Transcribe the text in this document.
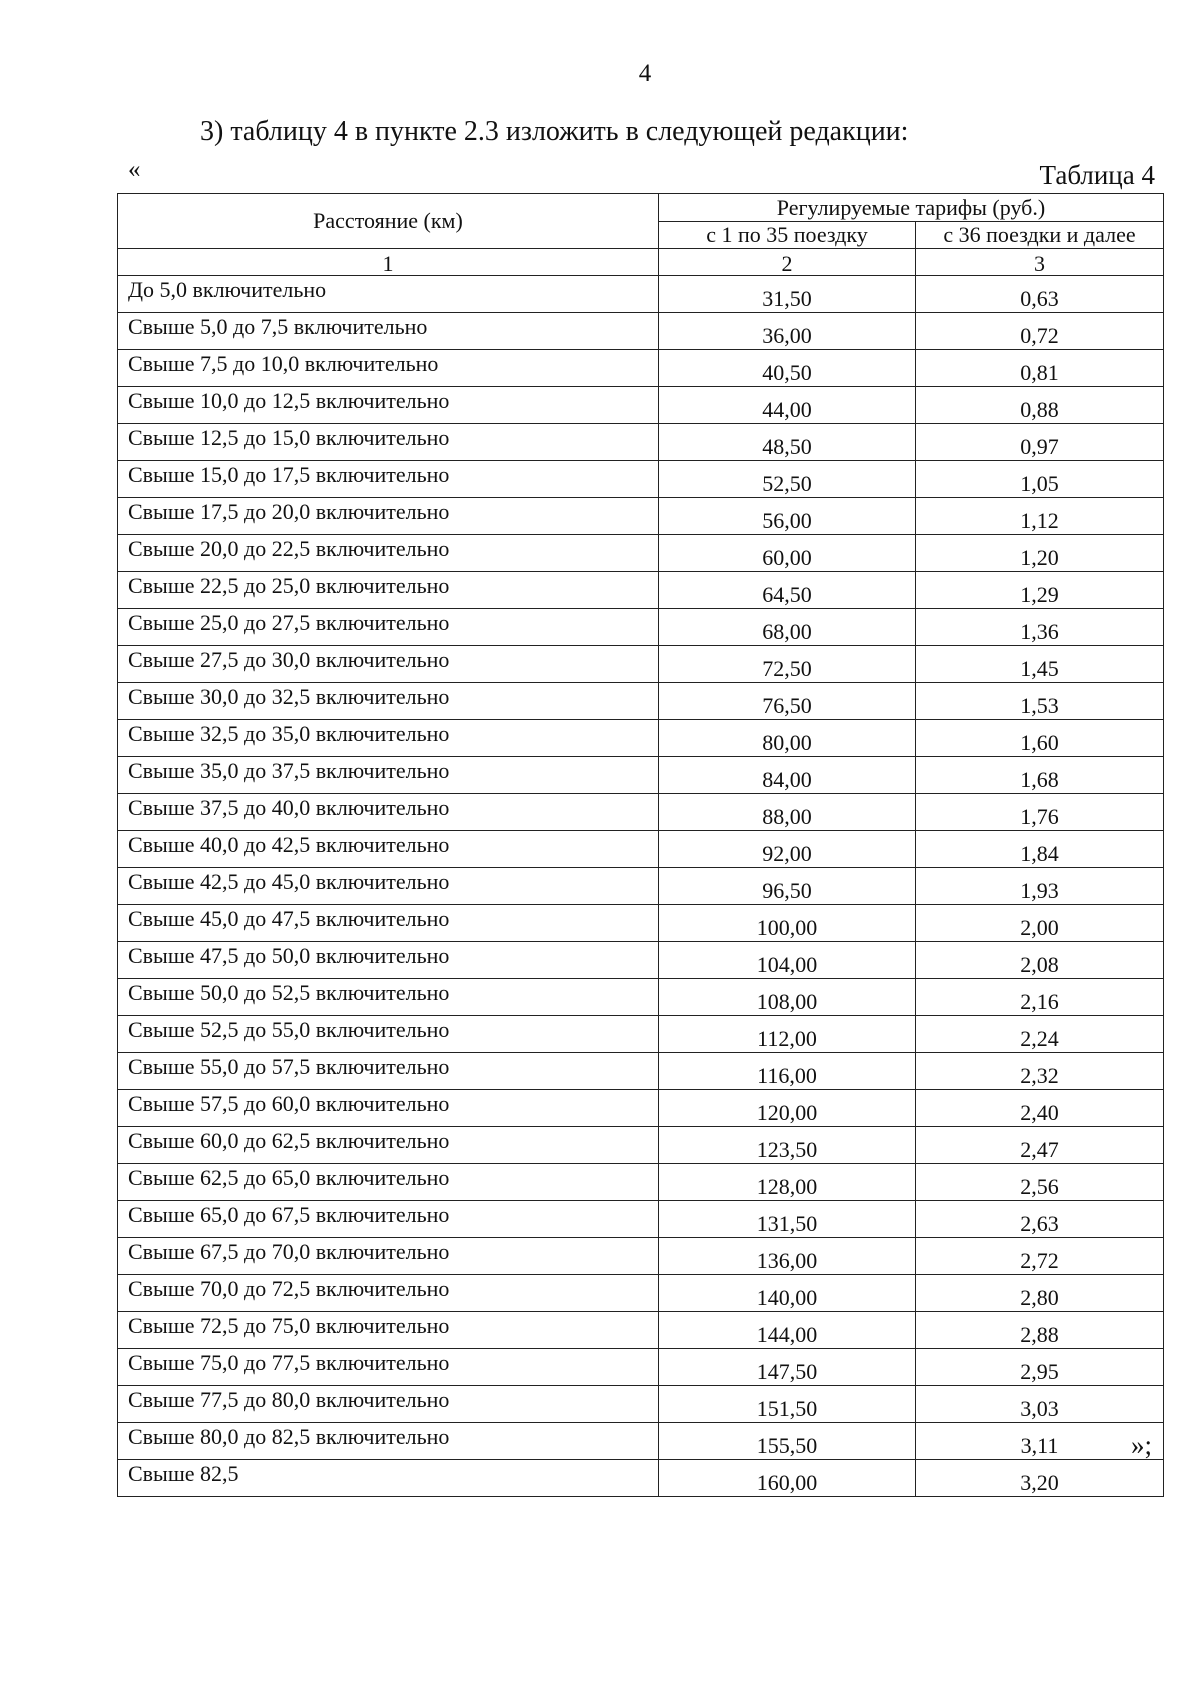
4
3) таблицу 4 в пункте 2.3 изложить в следующей редакции:
«	Таблица 4
Расстояние (км)	Регулируемые тарифы (руб.)	
	с 1 по 35 поездку	с 36 поездки и далее
1	2	3
До 5,0 включительно	31,50	0,63
Свыше 5,0 до 7,5 включительно	36,00	0,72
Свыше 7,5 до 10,0 включительно	40,50	0,81
Свыше 10,0 до 12,5 включительно	44,00	0,88
Свыше 12,5 до 15,0 включительно	48,50	0,97
Свыше 15,0 до 17,5 включительно	52,50	1,05
Свыше 17,5 до 20,0 включительно	56,00	1,12
Свыше 20,0 до 22,5 включительно	60,00	1,20
Свыше 22,5 до 25,0 включительно	64,50	1,29
Свыше 25,0 до 27,5 включительно	68,00	1,36
Свыше 27,5 до 30,0 включительно	72,50	1,45
Свыше 30,0 до 32,5 включительно	76,50	1,53
Свыше 32,5 до 35,0 включительно	80,00	1,60
Свыше 35,0 до 37,5 включительно	84,00	1,68
Свыше 37,5 до 40,0 включительно	88,00	1,76
Свыше 40,0 до 42,5 включительно	92,00	1,84
Свыше 42,5 до 45,0 включительно	96,50	1,93
Свыше 45,0 до 47,5 включительно	100,00	2,00
Свыше 47,5 до 50,0 включительно	104,00	2,08
Свыше 50,0 до 52,5 включительно	108,00	2,16
Свыше 52,5 до 55,0 включительно	112,00	2,24
Свыше 55,0 до 57,5 включительно	116,00	2,32
Свыше 57,5 до 60,0 включительно	120,00	2,40
Свыше 60,0 до 62,5 включительно	123,50	2,47
Свыше 62,5 до 65,0 включительно	128,00	2,56
Свыше 65,0 до 67,5 включительно	131,50	2,63
Свыше 67,5 до 70,0 включительно	136,00	2,72
Свыше 70,0 до 72,5 включительно	140,00	2,80
Свыше 72,5 до 75,0 включительно	144,00	2,88
Свыше 75,0 до 77,5 включительно	147,50	2,95
Свыше 77,5 до 80,0 включительно	151,50	3,03
Свыше 80,0 до 82,5 включительно	155,50	3,11
Свыше 82,5	160,00	3,20
»;
